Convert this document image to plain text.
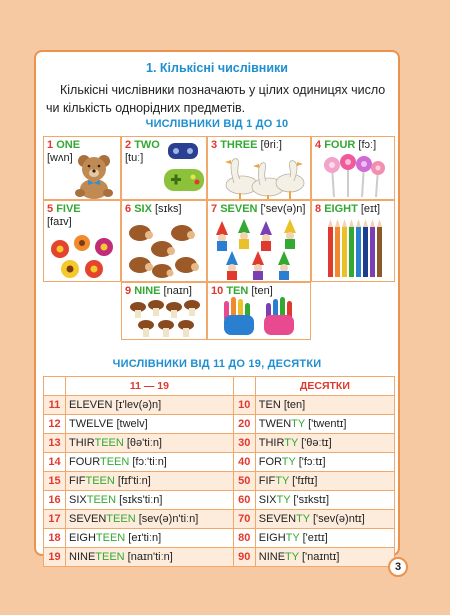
1. Кількісні числівники
Кількісні числівники позначають у цілих одиницях число чи кількість однорідних предметів.
ЧИСЛІВНИКИ ВІД 1 ДО 10
1 ONE
[wʌn]
2 TWO
[tuː]
3 THREE [θriː]	4 FOUR [fɔː]
5 FIVE
[faɪv]
6 SIX [sɪks]	7 SEVEN ['sev(ə)n] 8 EIGHT [eɪt]
9 NINE [naɪn] 10 TEN [ten]
ЧИСЛІВНИКИ ВІД 11 ДО 19, ДЕСЯТКИ
	11 — 19		ДЕСЯТКИ
11	ELEVEN [ɪ'lev(ə)n]	10	TEN [ten]
12	TWELVE [twelv]	20	TWENTY ['twentɪ]
13	THIRTEEN [θə'tiːn]	30	THIRTY ['θəːtɪ]
14	FOURTEEN [fɔː'tiːn]	40	FORTY ['fɔːtɪ]
15	FIFTEEN [fɪf'tiːn]	50	FIFTY ['fɪftɪ]
16	SIXTEEN [sɪks'tiːn]	60	SIXTY ['sɪkstɪ]
17	SEVENTEEN [sev(ə)n'tiːn]	70	SEVENTY ['sev(ə)ntɪ]
18	EIGHTEEN [eɪ'tiːn]	80	EIGHTY ['eɪtɪ]
19	NINETEEN [naɪn'tiːn]	90	NINETY ['naɪntɪ]
3
